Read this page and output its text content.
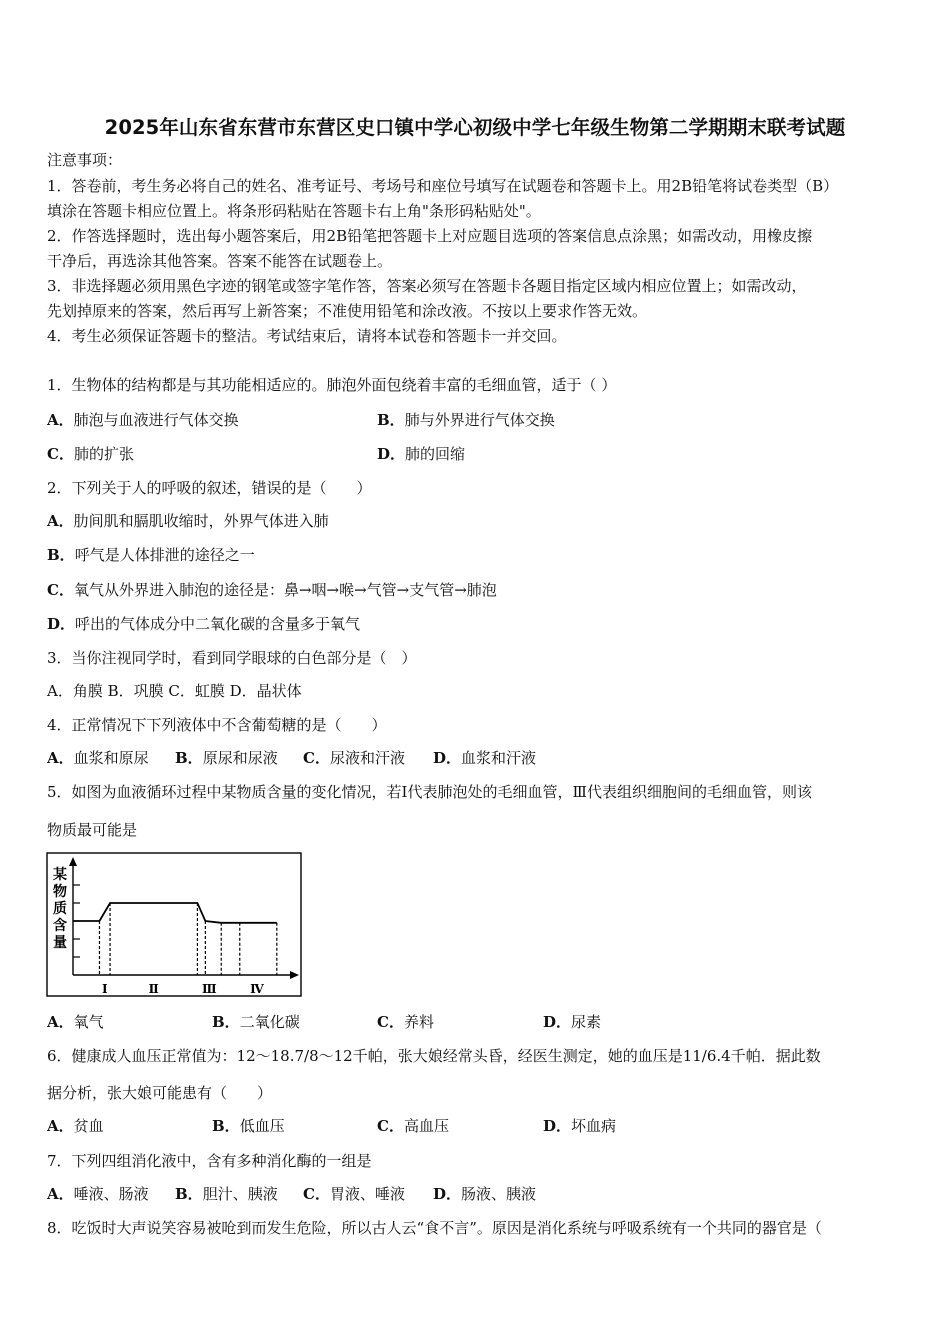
2025年山东省东营市东营区史口镇中学心初级中学七年级生物第二学期期末联考试题
注意事项：
1．答卷前，考生务必将自己的姓名、准考证号、考场号和座位号填写在试题卷和答题卡上。用2B铅笔将试卷类型（B）
填涂在答题卡相应位置上。将条形码粘贴在答题卡右上角"条形码粘贴处"。
2．作答选择题时，选出每小题答案后，用2B铅笔把答题卡上对应题目选项的答案信息点涂黑；如需改动，用橡皮擦
干净后，再选涂其他答案。答案不能答在试题卷上。
3．非选择题必须用黑色字迹的钢笔或签字笔作答，答案必须写在答题卡各题目指定区域内相应位置上；如需改动，
先划掉原来的答案，然后再写上新答案；不准使用铅笔和涂改液。不按以上要求作答无效。
4．考生必须保证答题卡的整洁。考试结束后，请将本试卷和答题卡一并交回。
1．生物体的结构都是与其功能相适应的。肺泡外面包绕着丰富的毛细血管，适于（ ）
A．肺泡与血液进行气体交换	B．肺与外界进行气体交换
C．肺的扩张	D．肺的回缩
2．下列关于人的呼吸的叙述，错误的是（　　）
A．肋间肌和膈肌收缩时，外界气体进入肺
B．呼气是人体排泄的途径之一
C．氧气从外界进入肺泡的途径是：鼻→咽→喉→气管→支气管→肺泡
D．呼出的气体成分中二氧化碳的含量多于氧气
3．当你注视同学时，看到同学眼球的白色部分是（　）
A．角膜 B．巩膜 C．虹膜 D．晶状体
4．正常情况下下列液体中不含葡萄糖的是（　　）
A．血浆和原尿 B．原尿和尿液 C．尿液和汗液 D．血浆和汗液
5．如图为血液循环过程中某物质含量的变化情况，若Ⅰ代表肺泡处的毛细血管，Ⅲ代表组织细胞间的毛细血管，则该
物质最可能是
某
物
质
含
量
Ⅰ	Ⅱ	Ⅲ	Ⅳ
A．氧气	B．二氧化碳	C．养料	D．尿素
6．健康成人血压正常值为：12～18.7/8～12千帕，张大娘经常头昏，经医生测定，她的血压是11/6.4千帕．据此数
据分析，张大娘可能患有（　　）
A．贫血	B．低血压	C．高血压	D．坏血病
7．下列四组消化液中，含有多种消化酶的一组是
A．唾液、肠液 B．胆汁、胰液 C．胃液、唾液 D．肠液、胰液
8．吃饭时大声说笑容易被呛到而发生危险，所以古人云“食不言”。原因是消化系统与呼吸系统有一个共同的器官是（
